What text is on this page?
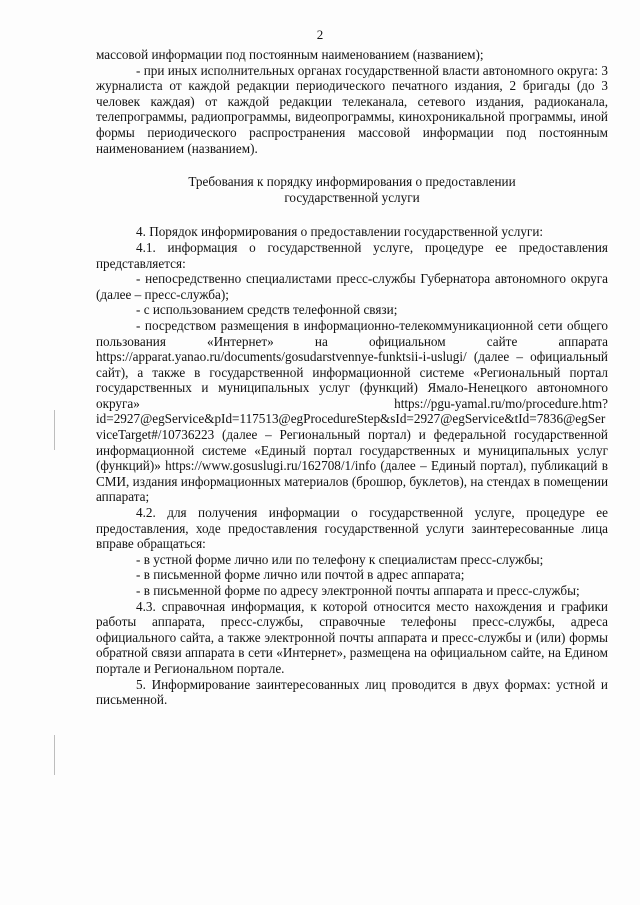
2

массовой информации под постоянным наименованием (названием);

- при иных исполнительных органах государственной власти автономного округа: 3 журналиста от каждой редакции периодического печатного издания, 2 бригады (до 3 человек каждая) от каждой редакции телеканала, сетевого издания, радиоканала, телепрограммы, радиопрограммы, видеопрограммы, кинохроникальной программы, иной формы периодического распространения массовой информации под постоянным наименованием (названием).

Требования к порядку информирования о предоставлении государственной услуги

4. Порядок информирования о предоставлении государственной услуги:

4.1. информация о государственной услуге, процедуре ее предоставления представляется:

- непосредственно специалистами пресс-службы Губернатора автономного округа (далее – пресс-служба);

- с использованием средств телефонной связи;

- посредством размещения в информационно-телекоммуникационной сети общего пользования «Интернет» на официальном сайте аппарата https://apparat.yanao.ru/documents/gosudarstvennye-funktsii-i-uslugi/ (далее – официальный сайт), а также в государственной информационной системе «Региональный портал государственных и муниципальных услуг (функций) Ямало-Ненецкого автономного округа» https://pgu-yamal.ru/mo/procedure.htm?id=2927@egService&pId=117513@egProcedureStep&sId=2927@egService&tId=7836@egServiceTarget#/10736223 (далее – Региональный портал) и федеральной государственной информационной системе «Единый портал государственных и муниципальных услуг (функций)» https://www.gosuslugi.ru/162708/1/info (далее – Единый портал), публикаций в СМИ, издания информационных материалов (брошюр, буклетов), на стендах в помещении аппарата;

4.2. для получения информации о государственной услуге, процедуре ее предоставления, ходе предоставления государственной услуги заинтересованные лица вправе обращаться:

- в устной форме лично или по телефону к специалистам пресс-службы;

- в письменной форме лично или почтой в адрес аппарата;

- в письменной форме по адресу электронной почты аппарата и пресс-службы;

4.3. справочная информация, к которой относится место нахождения и графики работы аппарата, пресс-службы, справочные телефоны пресс-службы, адреса официального сайта, а также электронной почты аппарата и пресс-службы и (или) формы обратной связи аппарата в сети «Интернет», размещена на официальном сайте, на Едином портале и Региональном портале.

5. Информирование заинтересованных лиц проводится в двух формах: устной и письменной.
